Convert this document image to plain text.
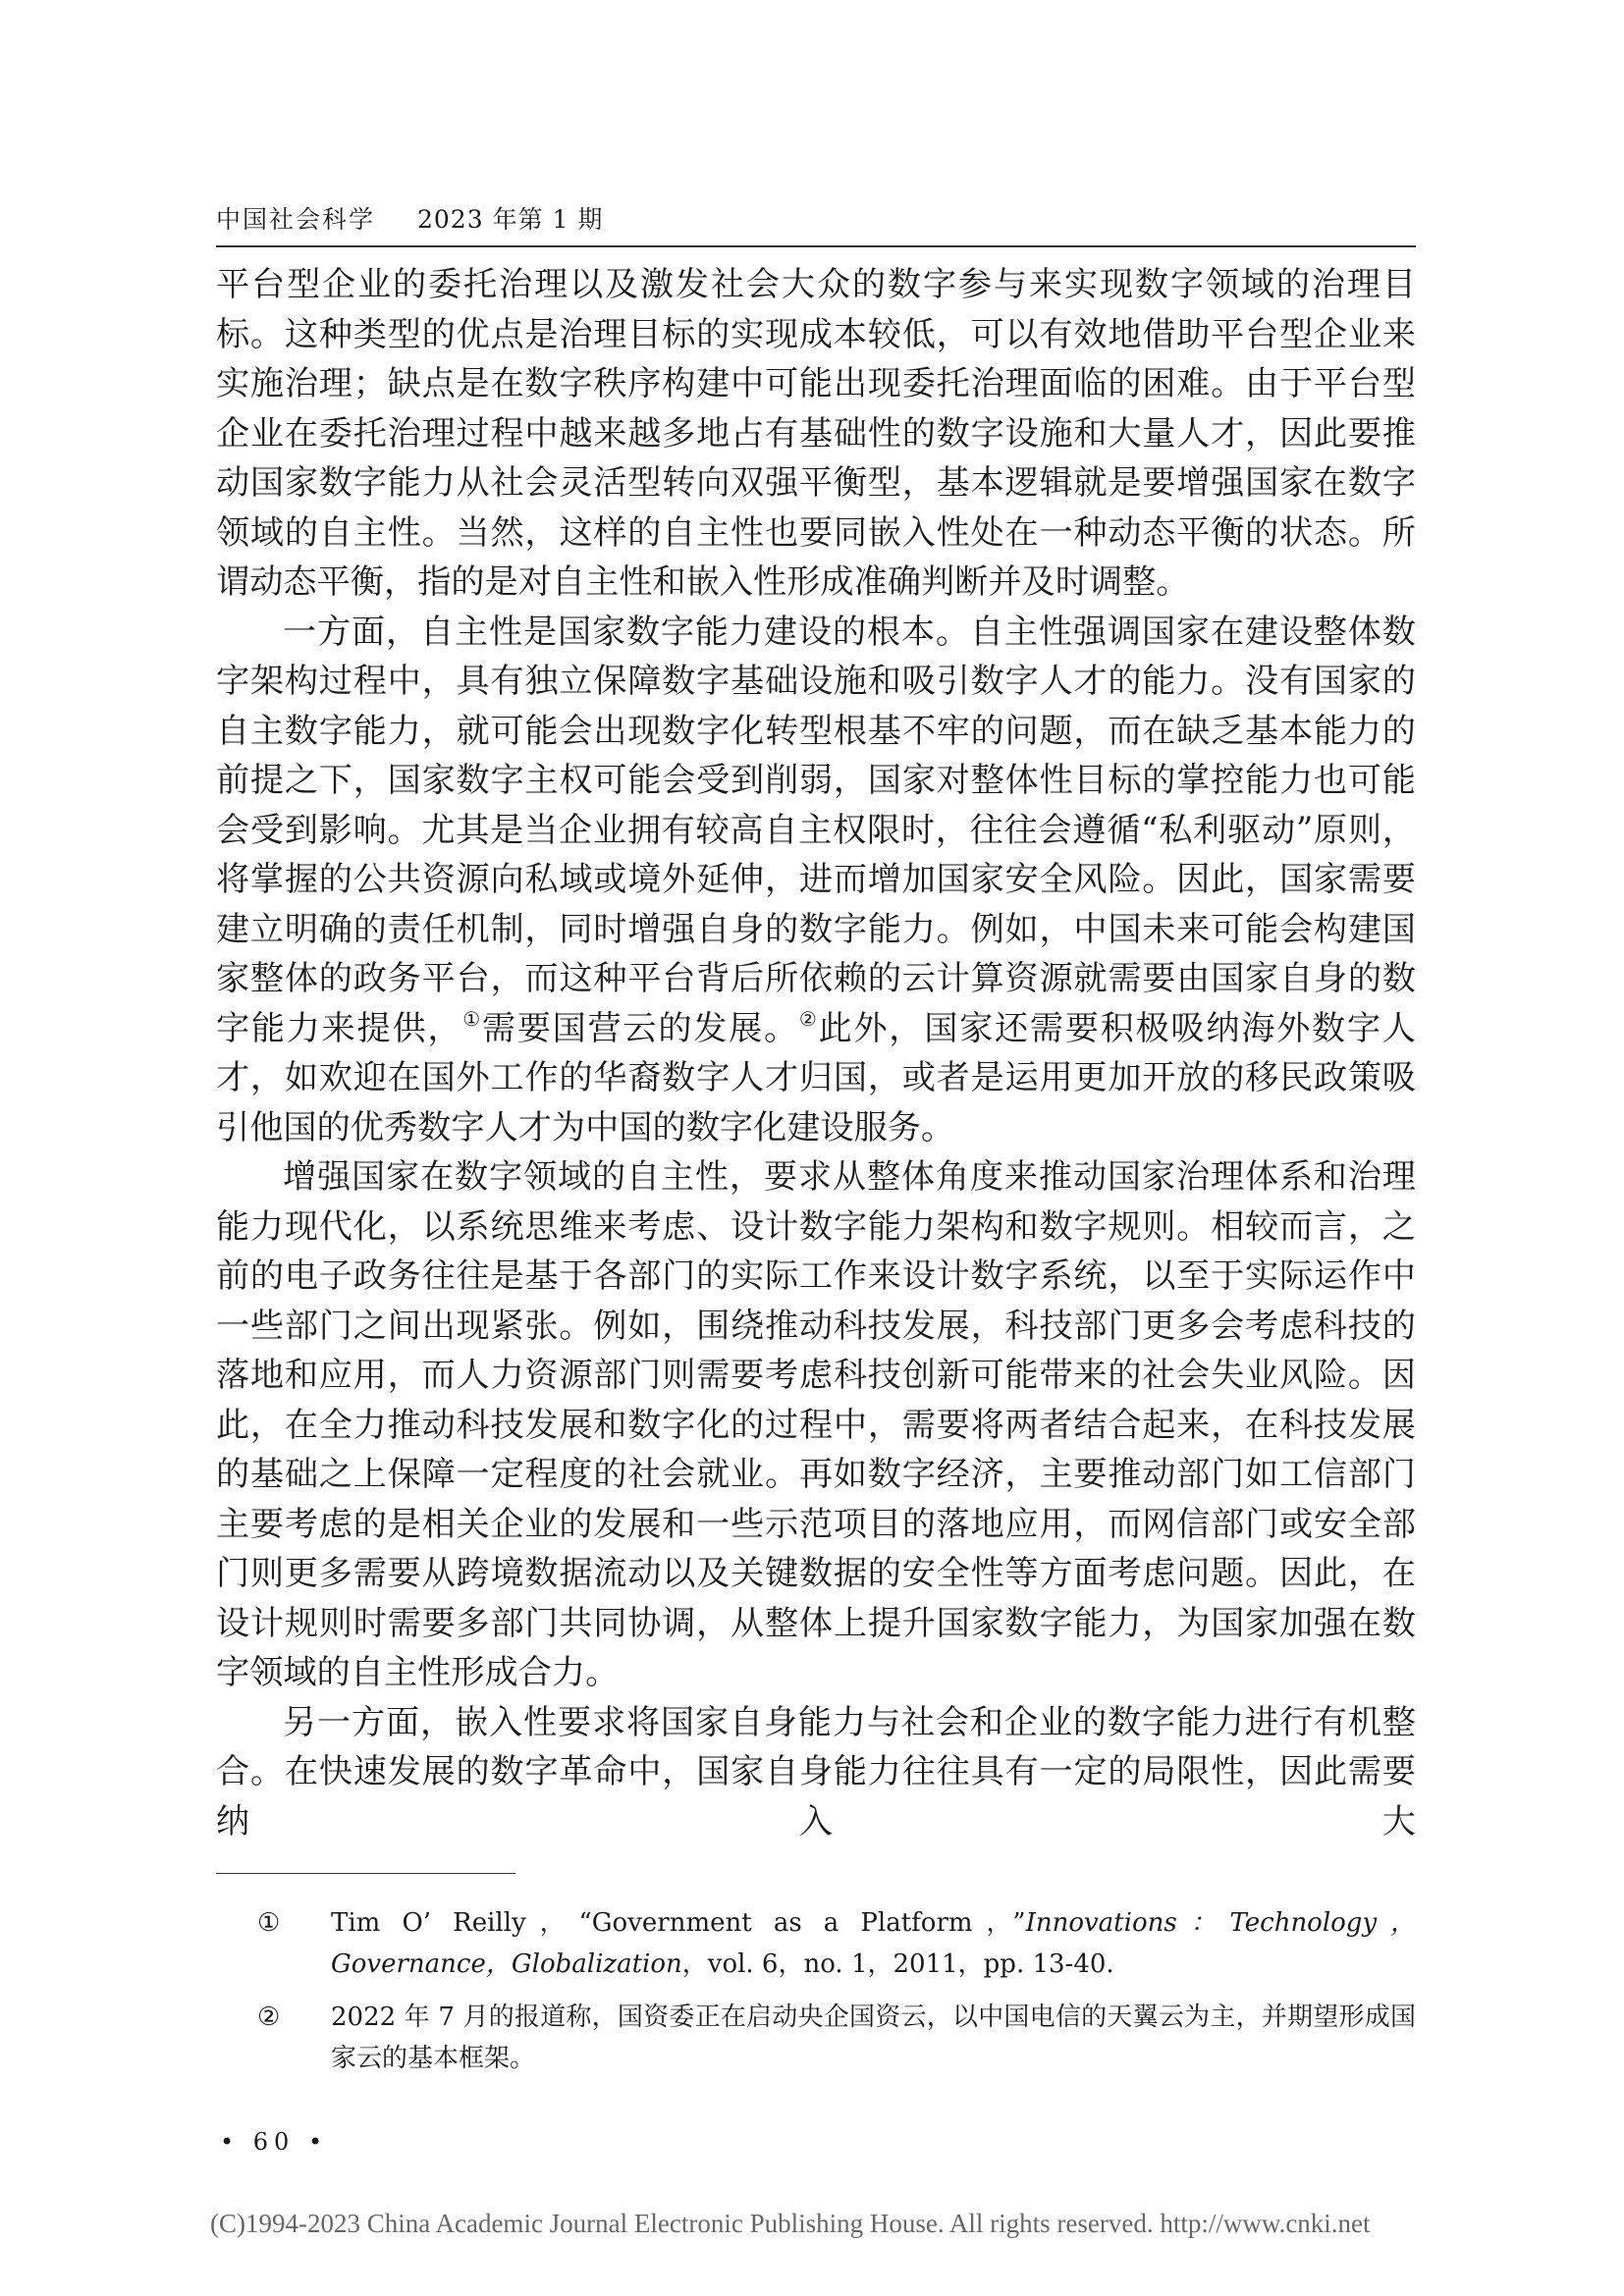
中国社会科学 2023 年第 1 期

平台型企业的委托治理以及激发社会大众的数字参与来实现数字领域的治理目标。这种类型的优点是治理目标的实现成本较低，可以有效地借助平台型企业来实施治理；缺点是在数字秩序构建中可能出现委托治理面临的困难。由于平台型企业在委托治理过程中越来越多地占有基础性的数字设施和大量人才，因此要推动国家数字能力从社会灵活型转向双强平衡型，基本逻辑就是要增强国家在数字领域的自主性。当然，这样的自主性也要同嵌入性处在一种动态平衡的状态。所谓动态平衡，指的是对自主性和嵌入性形成准确判断并及时调整。

一方面，自主性是国家数字能力建设的根本。自主性强调国家在建设整体数字架构过程中，具有独立保障数字基础设施和吸引数字人才的能力。没有国家的自主数字能力，就可能会出现数字化转型根基不牢的问题，而在缺乏基本能力的前提之下，国家数字主权可能会受到削弱，国家对整体性目标的掌控能力也可能会受到影响。尤其是当企业拥有较高自主权限时，往往会遵循“私利驱动”原则，将掌握的公共资源向私域或境外延伸，进而增加国家安全风险。因此，国家需要建立明确的责任机制，同时增强自身的数字能力。例如，中国未来可能会构建国家整体的政务平台，而这种平台背后所依赖的云计算资源就需要由国家自身的数字能力来提供，①需要国营云的发展。②此外，国家还需要积极吸纳海外数字人才，如欢迎在国外工作的华裔数字人才归国，或者是运用更加开放的移民政策吸引他国的优秀数字人才为中国的数字化建设服务。

增强国家在数字领域的自主性，要求从整体角度来推动国家治理体系和治理能力现代化，以系统思维来考虑、设计数字能力架构和数字规则。相较而言，之前的电子政务往往是基于各部门的实际工作来设计数字系统，以至于实际运作中一些部门之间出现紧张。例如，围绕推动科技发展，科技部门更多会考虑科技的落地和应用，而人力资源部门则需要考虑科技创新可能带来的社会失业风险。因此，在全力推动科技发展和数字化的过程中，需要将两者结合起来，在科技发展的基础之上保障一定程度的社会就业。再如数字经济，主要推动部门如工信部门主要考虑的是相关企业的发展和一些示范项目的落地应用，而网信部门或安全部门则更多需要从跨境数据流动以及关键数据的安全性等方面考虑问题。因此，在设计规则时需要多部门共同协调，从整体上提升国家数字能力，为国家加强在数字领域的自主性形成合力。

另一方面，嵌入性要求将国家自身能力与社会和企业的数字能力进行有机整合。在快速发展的数字革命中，国家自身能力往往具有一定的局限性，因此需要纳入大

① Tim O’ Reilly，“Government as a Platform，”Innovations：Technology，Governance，Globalization，vol. 6，no. 1，2011，pp. 13-40.
② 2022 年 7 月的报道称，国资委正在启动央企国资云，以中国电信的天翼云为主，并期望形成国家云的基本框架。
• 60 •
(C)1994-2023 China Academic Journal Electronic Publishing House. All rights reserved. http://www.cnki.net
